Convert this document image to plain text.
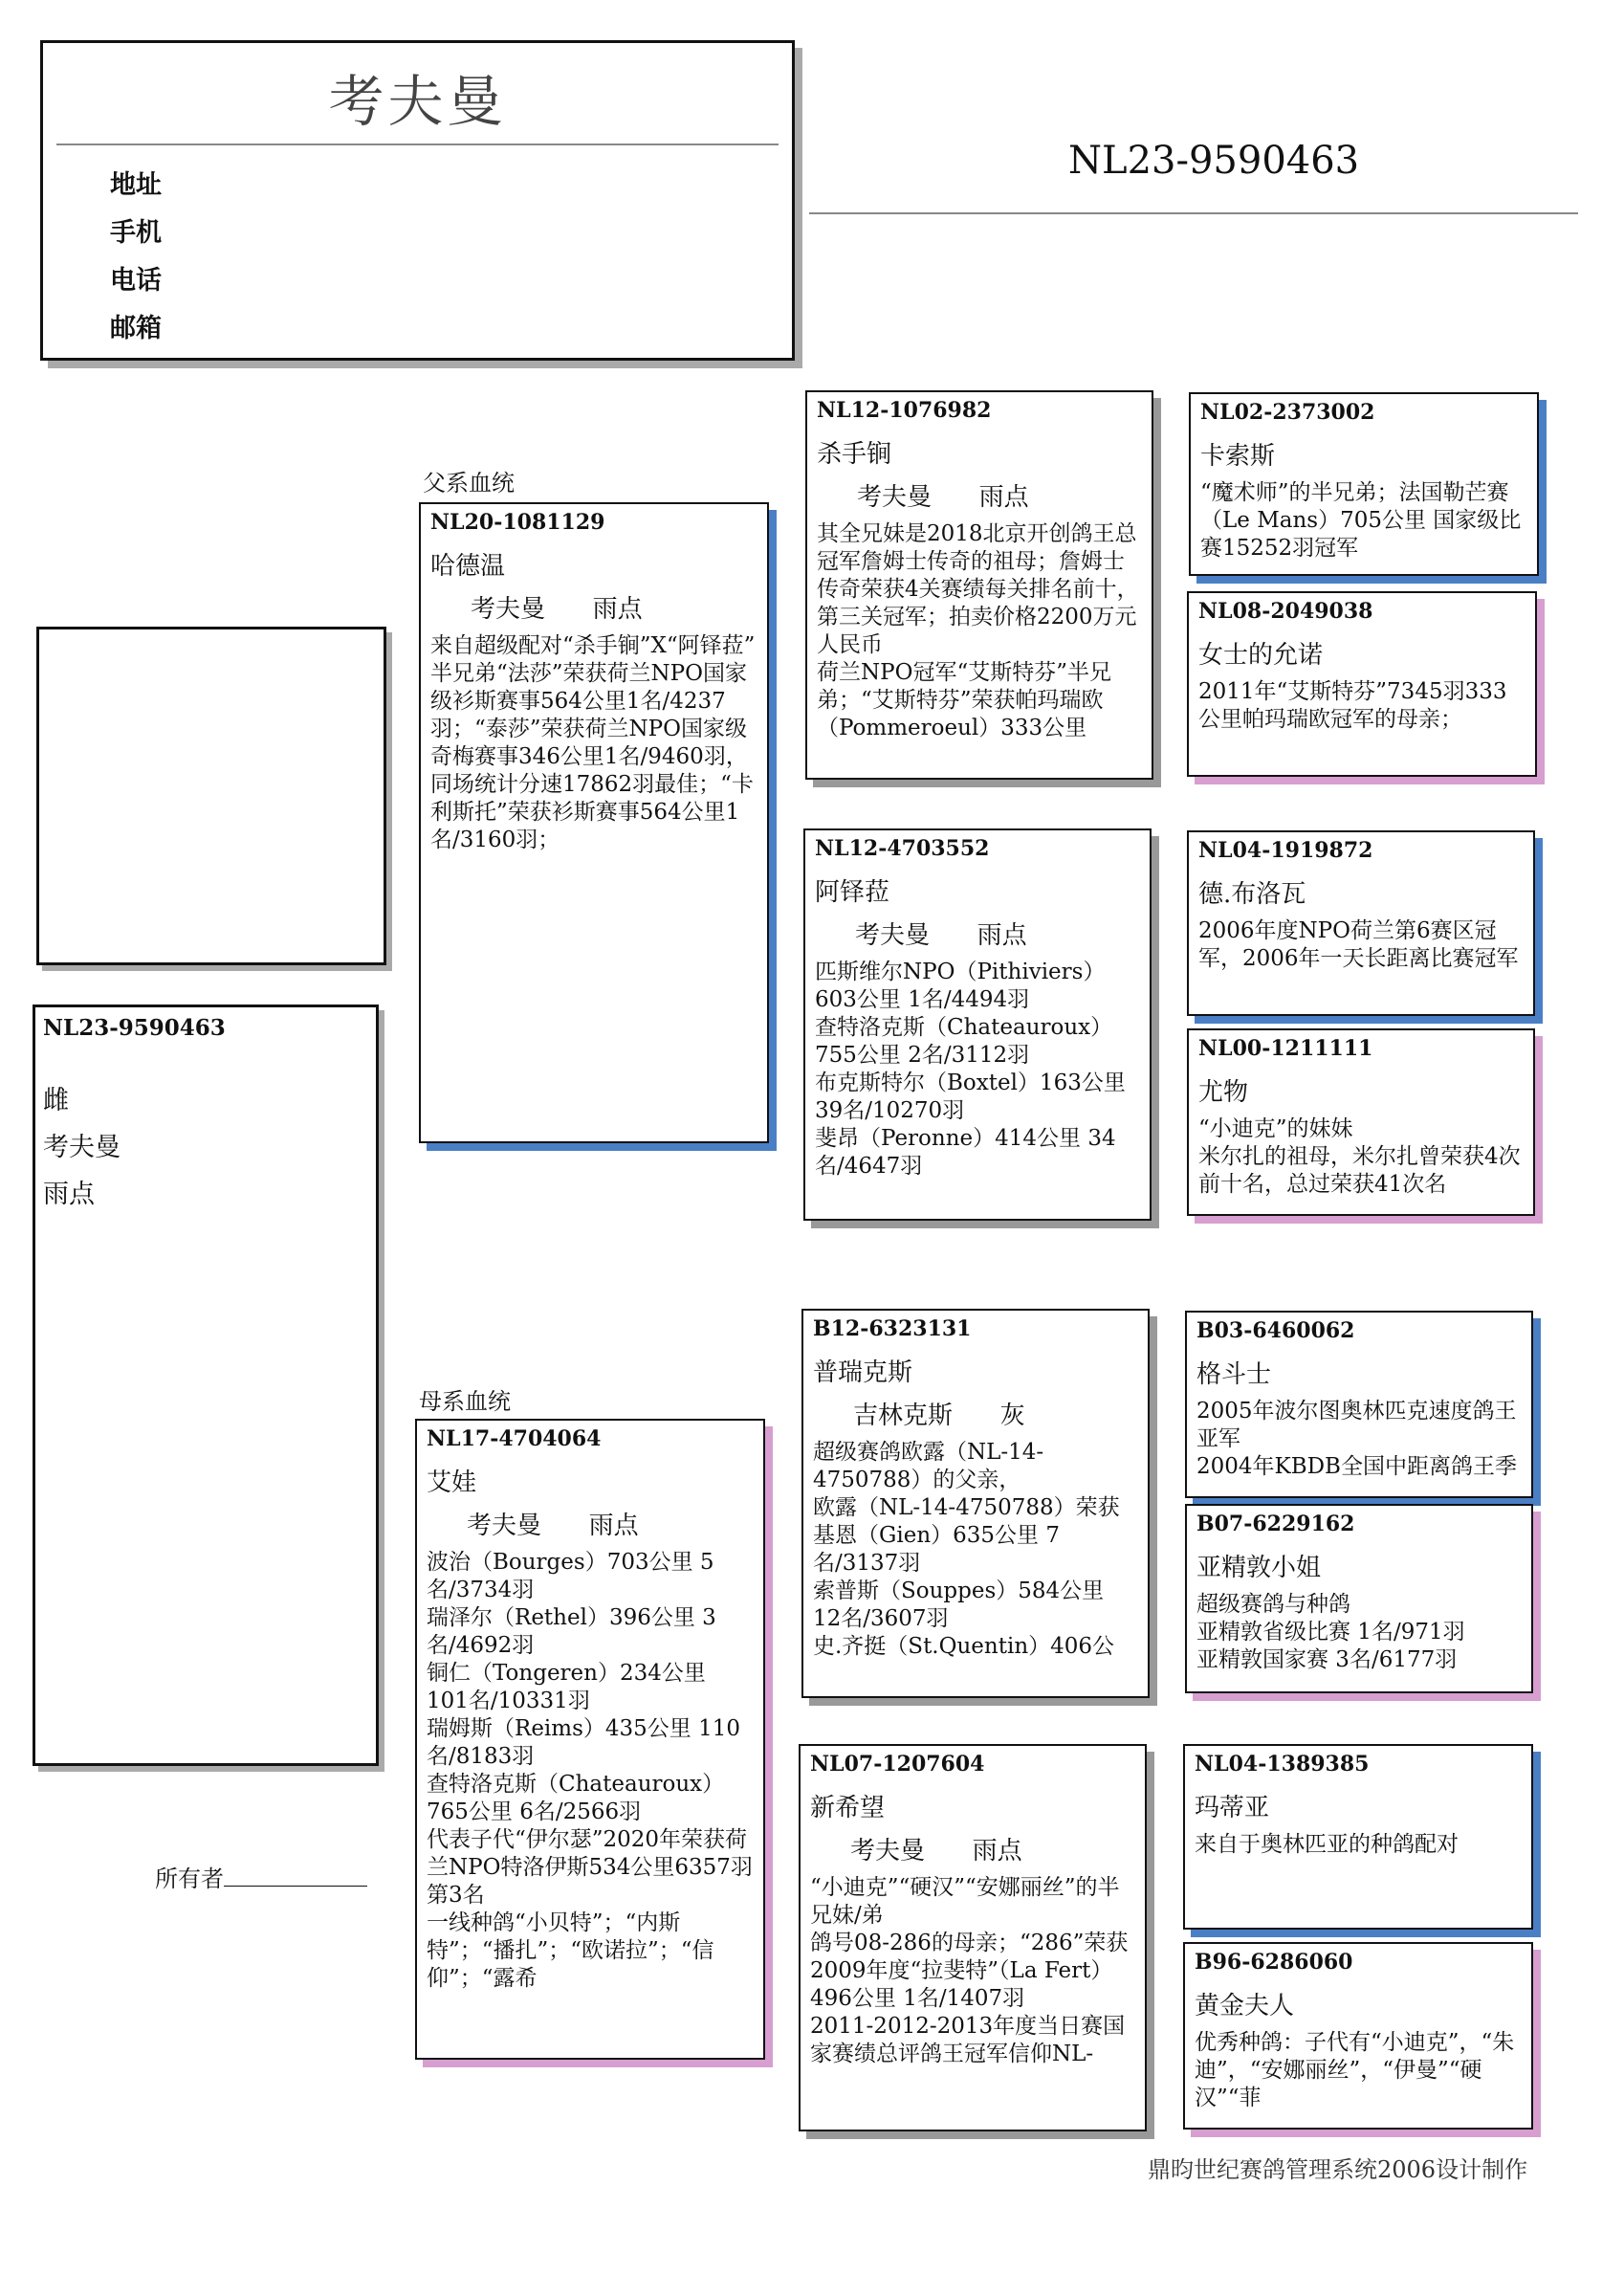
考夫曼
地址
手机
电话
邮箱
NL23-9590463
NL23-9590463
雌
考夫曼
雨点
所有者
父系血统
NL20-1081129
哈德温
考夫曼      雨点
来自超级配对“杀手锏”X“阿铎菈”
半兄弟“法莎”荣获荷兰NPO国家级衫斯赛事564公里1名/4237羽；“泰莎”荣获荷兰NPO国家级奇梅赛事346公里1名/9460羽，同场统计分速17862羽最佳；“卡利斯托”荣获衫斯赛事564公里1名/3160羽；
母系血统
NL17-4704064
艾娃
考夫曼      雨点
波治（Bourges）703公里 5名/3734羽
瑞泽尔（Rethel）396公里 3名/4692羽
铜仁（Tongeren）234公里 101名/10331羽
瑞姆斯（Reims）435公里 110名/8183羽
查特洛克斯（Chateauroux）765公里 6名/2566羽
代表子代“伊尔瑟”2020年荣获荷兰NPO特洛伊斯534公里6357羽第3名
一线种鸽“小贝特”；“内斯特”；“播扎”；“欧诺拉”；“信仰”；“露希
NL12-1076982
杀手锏
考夫曼      雨点
其全兄妹是2018北京开创鸽王总冠军詹姆士传奇的祖母；詹姆士传奇荣获4关赛绩每关排名前十，第三关冠军；拍卖价格2200万元人民币
荷兰NPO冠军“艾斯特芬”半兄弟；“艾斯特芬”荣获帕玛瑞欧（Pommeroeul）333公里
NL12-4703552
阿铎菈
考夫曼      雨点
匹斯维尔NPO（Pithiviers）603公里 1名/4494羽
查特洛克斯（Chateauroux）755公里 2名/3112羽
布克斯特尔（Boxtel）163公里 39名/10270羽
斐昂（Peronne）414公里 34名/4647羽
B12-6323131
普瑞克斯
吉林克斯      灰
超级赛鸽欧露（NL-14-4750788）的父亲，
欧露（NL-14-4750788）荣获基恩（Gien）635公里 7名/3137羽
索普斯（Souppes）584公里 12名/3607羽
史.齐挺（St.Quentin）406公
NL07-1207604
新希望
考夫曼      雨点
“小迪克”“硬汉”“安娜丽丝”的半兄妹/弟
鸽号08-286的母亲；“286”荣获2009年度“拉斐特”（La Fert）496公里 1名/1407羽
2011-2012-2013年度当日赛国家赛绩总评鸽王冠军信仰NL-
NL02-2373002
卡索斯
“魔术师”的半兄弟；法国勒芒赛（Le Mans）705公里 国家级比赛15252羽冠军
NL08-2049038
女士的允诺
2011年“艾斯特芬”7345羽333公里帕玛瑞欧冠军的母亲；
NL04-1919872
德.布洛瓦
2006年度NPO荷兰第6赛区冠军，2006年一天长距离比赛冠军
NL00-1211111
尤物
“小迪克”的妹妹
米尔扎的祖母，米尔扎曾荣获4次前十名，总过荣获41次名
B03-6460062
格斗士
2005年波尔图奥林匹克速度鸽王亚军
2004年KBDB全国中距离鸽王季
B07-6229162
亚精敦小姐
超级赛鸽与种鸽
亚精敦省级比赛 1名/971羽
亚精敦国家赛 3名/6177羽
NL04-1389385
玛蒂亚
来自于奥林匹亚的种鸽配对
B96-6286060
黄金夫人
优秀种鸽：子代有“小迪克”，“朱迪”，“安娜丽丝”，“伊曼”“硬汉”“菲
鼎昀世纪赛鸽管理系统2006设计制作
